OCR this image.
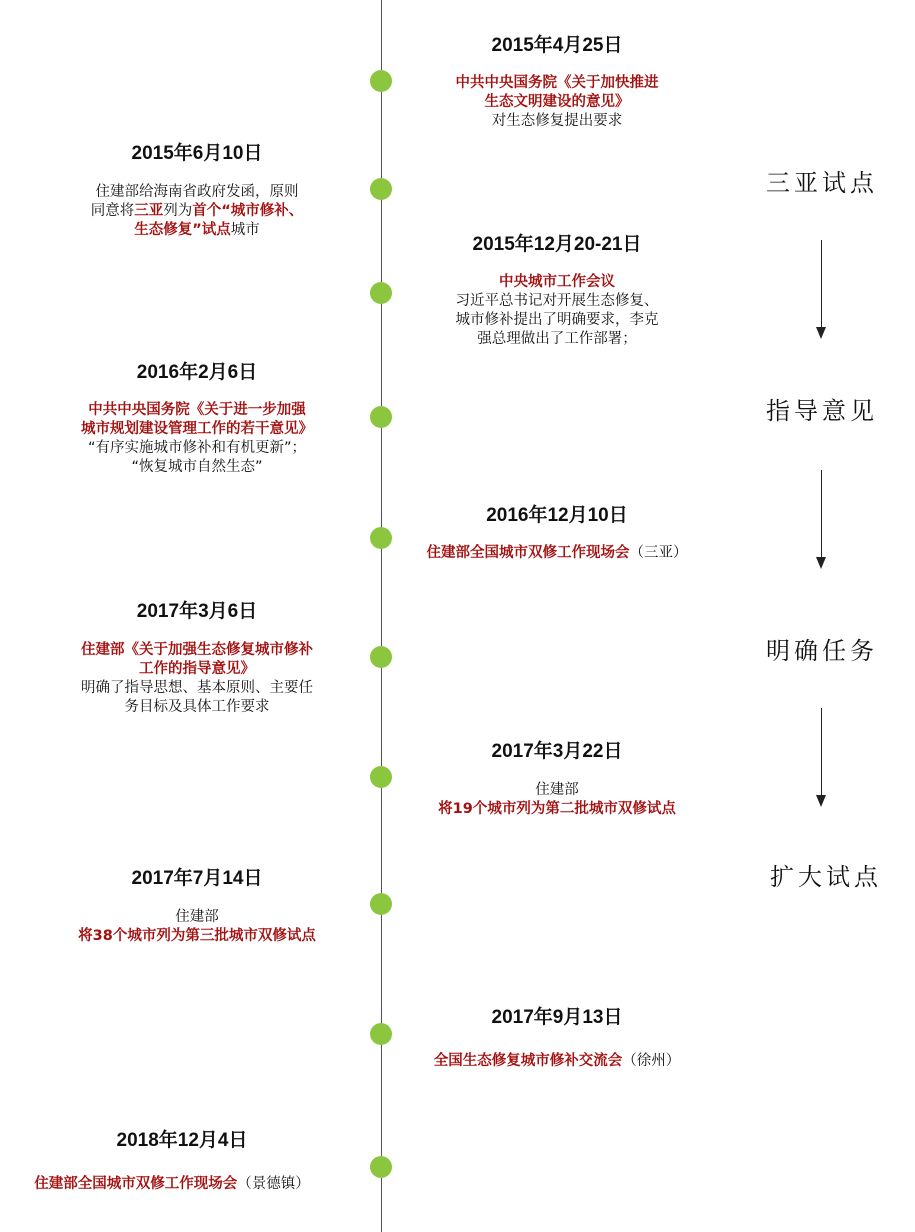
2015年4月25日
中共中央国务院《关于加快推进
生态文明建设的意见》
对生态修复提出要求
2015年6月10日
住建部给海南省政府发函，原则
同意将三亚列为首个“城市修补、
生态修复”试点城市
2015年12月20-21日
中央城市工作会议
习近平总书记对开展生态修复、
城市修补提出了明确要求，李克
强总理做出了工作部署；
2016年2月6日
中共中央国务院《关于进一步加强
城市规划建设管理工作的若干意见》
“有序实施城市修补和有机更新”；
“恢复城市自然生态”
2016年12月10日
住建部全国城市双修工作现场会（三亚）
2017年3月6日
住建部《关于加强生态修复城市修补
工作的指导意见》
明确了指导思想、基本原则、主要任
务目标及具体工作要求
2017年3月22日
住建部
将19个城市列为第二批城市双修试点
2017年7月14日
住建部
将38个城市列为第三批城市双修试点
2017年9月13日
全国生态修复城市修补交流会（徐州）
2018年12月4日
住建部全国城市双修工作现场会（景德镇）
三亚试点
指导意见
明确任务
扩大试点
